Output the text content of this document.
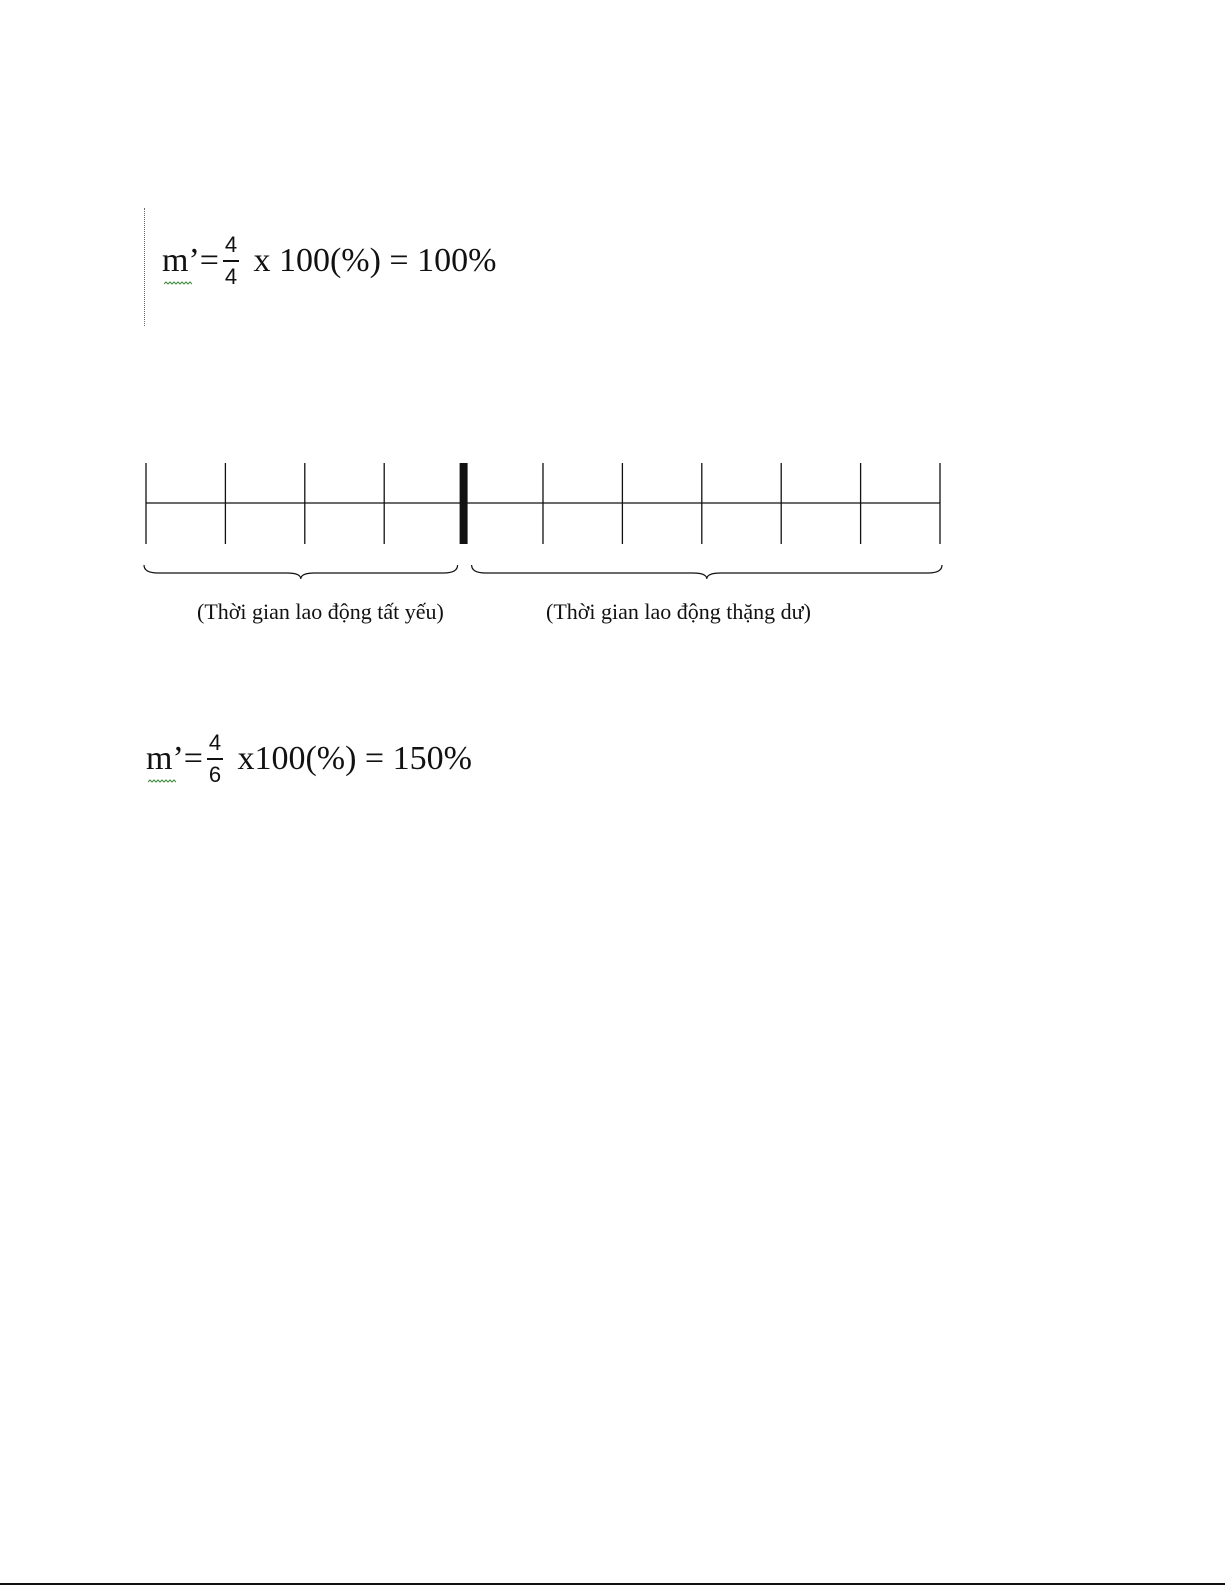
m’ = $\frac{4}{4}$ x 100(%) = 100%
(Thời gian lao động tất yếu)	(Thời gian lao động thặng dư)
m’ = $\frac{4}{6} x100(\%) = 150\%$
